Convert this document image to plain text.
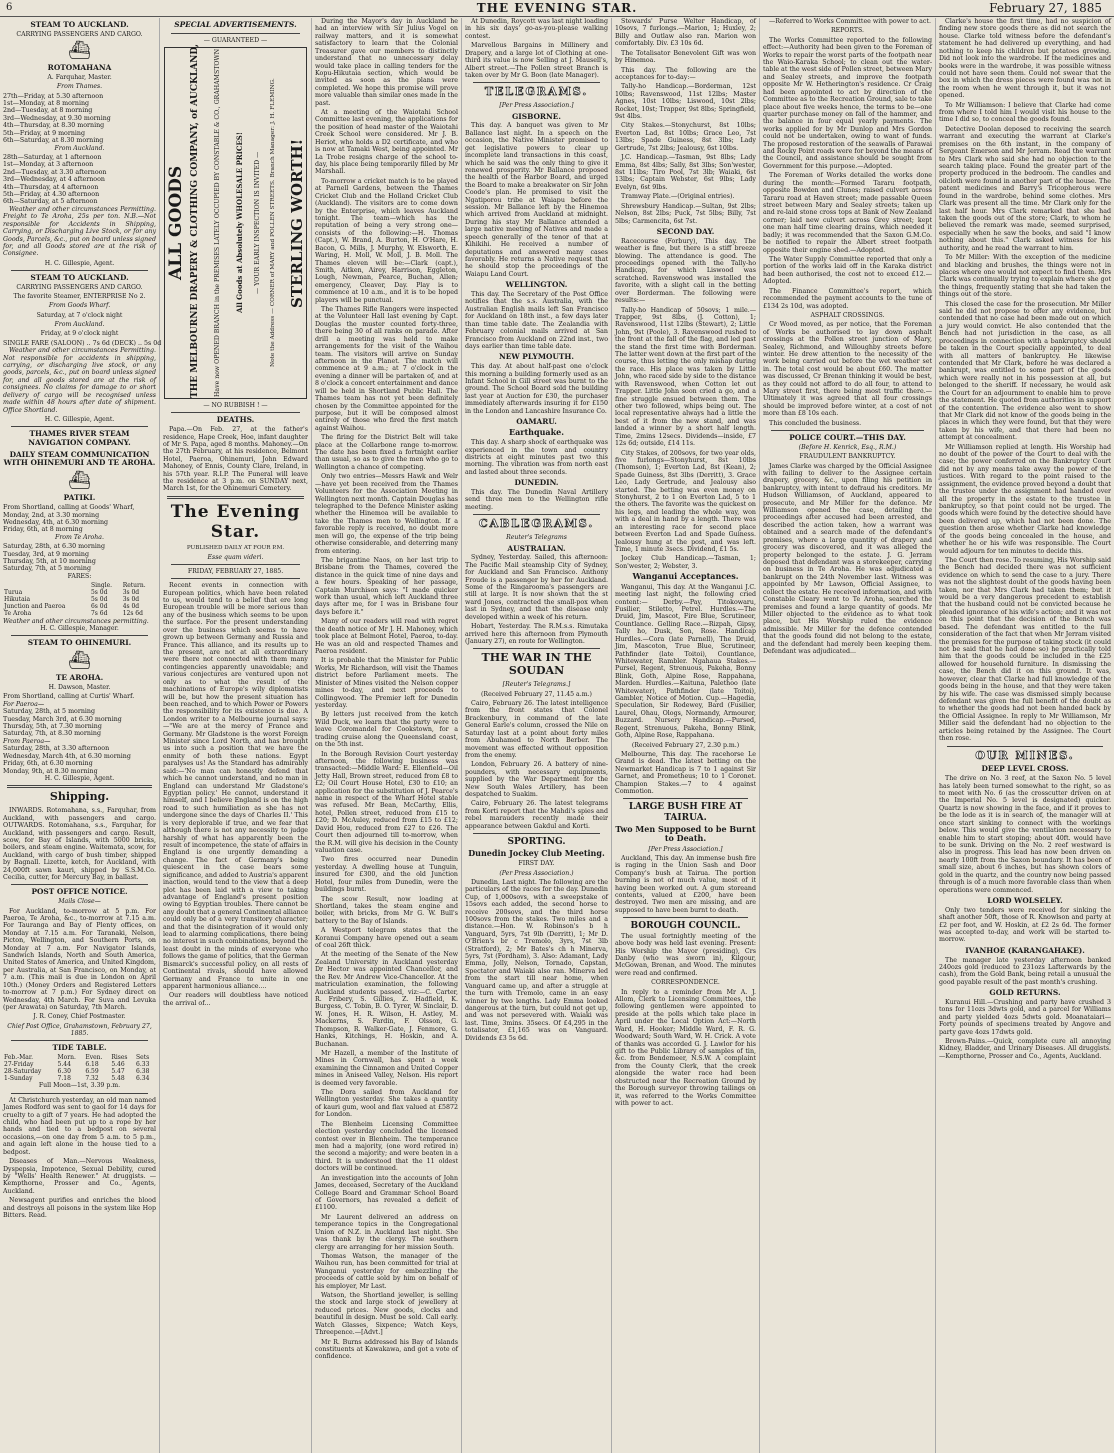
6	THE EVENING STAR.	February 27, 1885
STEAM TO AUCKLAND.
CARRYING PASSENGERS AND CARGO.
⛴
ROTOMAHANA
A. Farquhar, Master.
From Thames.
27th—Friday, at 5.30 afternoon
1st—Monday, at 8 morning
2nd—Tuesday, at 8 morning
3rd—Wednesday, at 9.30 morning
4th—Thursday, at 8.30 morning
5th—Friday, at 9 morning
6th—Saturday, at 8.30 morning
From Auckland.
28th—Saturday, at 1 afternoon
1st—Monday, at 3 afternoon
2nd—Tuesday, at 3.30 afternoon
3rd—Wednesday, at 4 afternoon
4th—Thursday, at 4 afternoon
5th—Friday, at 4.30 afternoon
6th—Saturday, at 5 afternoon

Weather and other circumstances Permitting. Freight to Te Aroha, 25s per ton. N.B.—Not responsible for Accidents in Shipping, Carrying, or Discharging Live Stock, or for any Goods, Parcels, &c., put on board unless signed for, and all Goods stored are at the risk of Consignee.

H. C. Gillespie, Agent.
STEAM TO AUCKLAND.
CARRYING PASSENGERS AND CARGO.
The favorite Steamer, ENTERPRISE No 2.
From Goods Wharf.
Saturday, at 7 o'clock night
From Auckland.
Friday, at 9 o'clock night
SINGLE FARE (SALOON) .. 7s 6d (DECK) .. 5s 0d

Weather and other circumstances Permitting. Not responsible for accidents in shipping, carrying, or discharging live stock, or any goods, parcels, &c., put on board unless signed for, and all goods stored are at the risk of consignees. No claims for damage to or short delivery of cargo will be recognised unless made within 48 hours after date of shipment. Office Shortland.

H. C. Gillespie, Agent.
THAMES RIVER STEAM NAVIGATION COMPANY.
DAILY STEAM COMMUNICATION WITH OHINEMURI AND TE AROHA.
⛴
PATIKI.
From Shortland, calling at Goods' Wharf,
Monday, 2nd, at 3.30 morning
Wednesday, 4th, at 6.30 morning
Friday, 6th, at 8 morning
From Te Aroha.
Saturday, 28th, at 6.30 morning
Tuesday, 3rd, at 9 morning
Thursday, 5th, at 10 morning
Saturday, 7th, at 5 morning
FARES:
	Single.	Return.
Turua	5s 0d	3s 0d
Hikutaia	5s 0d	3s 0d
Junction and Paeroa	6s 0d	4s 0d
Te Aroha	7s 6d	12s 6d
Weather and other circumstances permitting.
H. C. Gillespie, Manager.
STEAM TO OHINEMURI.
⛴
TE AROHA.
H. Dawson, Master.
From Shortland, calling at Curtis' Wharf.
For Paeroa—
Saturday, 28th, at 5 morning
Tuesday, March 3rd, at 6.30 morning
Thursday, 5th, at 7.30 morning
Saturday, 7th, at 8.30 morning
From Paeroa—
Saturday, 28th, at 3.30 afternoon
Wednesday, March 4th, at 6.30 morning
Friday, 6th, at 6.30 morning
Monday, 9th, at 8.30 morning
H. C. Gillespie, Agent.
Shipping.

INWARDS. Rotomahana, s.s., Farquhar, from Auckland, with passengers and cargo. OUTWARDS. Rotomahana, s.s., Farquhar, for Auckland, with passengers and cargo. Result, scow, for Bay of Islands, with 5000 bricks, boilers, and steam engine. Waitemata, scow, for Auckland, with cargo of bush timber, shipped by Bagnall. Lizette, ketch, for Auckland, with 24,000ft sawn kauri, shipped by S.S.M.Co. Cecilia, cutter, for Mercury Bay, in ballast.

POST OFFICE NOTICE.
Mails Close—

For Auckland, to-morrow at 5 p.m. For Paeroa, Te Aroha, &c., to-morrow at 7.15 a.m. For Tauranga and Bay of Plenty offices, on Monday at 7.15 a.m. For Taranaki, Nelson, Picton, Wellington, and Southern Ports, on Monday at 7 a.m. For Navigator Islands, Sandwich Islands, North and South America, United States of America, and United Kingdom, per Australia, at San Francisco, on Monday, at 7 a.m. (This mail is due in London on April 10th.) (Money Orders and Registered Letters to-morrow at 7 p.m.) For Sydney direct on Wednesday, 4th March. For Suva and Levuka (per Arawata) on Saturday, 7th March.

J. R. Coney, Chief Postmaster.
Chief Post Office, Grahamstown, February 27, 1885.
TIDE TABLE.
Feb.-Mar.	Morn.	Even.	Rises	Sets
27-Friday	5.44	6.18	5.46	6.33
28-Saturday	6.30	6.59	5.47	6.38
1-Sunday	7.18	7.32	5.48	6.34
Full Moon—1st, 3.39 p.m.

At Christchurch yesterday, an old man named James Rodford was sent to gaol for 14 days for cruelty to a gift of 7 years. He had adopted the child, who had been put up to a rope by her hands and tied to a bedpost on several occasions,—on one day from 5 a.m. to 5 p.m., and again left alone in the house tied to a bedpost.

Diseases of Man.—Nervous Weakness, Dyspepsia, Impotence, Sexual Debility, cured by "Wells' Health Renewer." At druggists. —Kempthorne, Prosser and Co., Agents, Auckland.

Newsagent purifies and enriches the blood and destroys all poisons in the system like Hop Bitters. Read.

SPECIAL ADVERTISEMENTS.
— GUARANTEED —
ALL GOODS THE MELBOURNE DRAPERY & CLOTHING COMPANY, of AUCKLAND,	Have now OPENED BRANCH in the PREMISES LATELY OCCUPIED BY CONSTABLE & CO., GRAHAMSTOWN	All Goods at Absolutely WHOLESALE PRICES!	— YOUR EARLY INSPECTION IS INVITED —	Note the Address — CORNER of MARY and POLLEN STREETS. Branch Manager: J. H. FLEMING. STERLING WORTH!
— NO RUBBISH ! —
DEATHS.

Papa.—On Feb. 27, at the father's residence, Hape Creek, Hoe, infant daughter of Mr S. Papa, aged 8 months. Mahoney.—On the 27th February, at his residence, Belmont Hotel, Paeroa, Ohinemuri, John Edward Mahoney, of Ennis, County Clare, Ireland, in his 57th year. R.I.P. The Funeral will leave the residence at 3 p.m. on SUNDAY next, March 1st, for the Ohinemuri Cemetery.

The Evening Star.
PUBLISHED DAILY AT FOUR P.M.
Esse quam videri.
FRIDAY, FEBRUARY 27, 1885.

Recent events in connection with European politics, which have been related to us, would tend to a belief that ere long European trouble will be more serious than any of the business which seems to be upon the surface. For the present understanding over the business which seems to have grown up between Germany and Russia and France. This alliance, and its results up to the present, are not at all extraordinary were there not connected with them many contingencies apparently unavoidable; and various conjectures are ventured upon not only as to what the result of the machinations of Europe's wily diplomatists will be, but how the present situation has been reached, and to which Power or Powers the responsibility for its existence is due. A London writer to a Melbourne journal says:—"We are at the mercy of France and Germany. Mr Gladstone is the worst Foreign Minister since Lord North, and has brought us into such a position that we have the enmity of both these nations. Egypt paralyses us! As the Standard has admirably said:—'No man can honestly defend that which he cannot understand, and no man in England can understand Mr Gladstone's Egyptian policy.' He cannot, understand it himself, and I believe England is on the high road to such humiliation as she has not undergone since the days of Charles II.' This is very deplorable if true, and we fear that although there is not any necessity to judge harshly of what has apparently been the result of incompetence, the state of affairs in England is one urgently demanding a change. The fact of Germany's being quiescent in the case bears some significance, and added to Austria's apparent inaction, would tend to the view that a deep plot has been laid with a view to taking advantage of England's present position owing to Egyptian troubles. There cannot be any doubt that a general Continental alliance could only be of a very transitory character; and that the disintegration of it would only lead to alarming complications, there being no interest in such combinations, beyond the least doubt in the minds of everyone who follows the game of politics, that the German Bismarck's successful policy, on all rests of Continental rivals, should have allowed Germany and France to unite in one apparent harmonious alliance....

Our readers will doubtless have noticed the arrival of...

During the Mayor's day in Auckland he had an interview with Sir Julius Vogel on railway matters, and it is somewhat satisfactory to learn that the Colonial Treasurer gave our members to distinctly understand that no unnecessary delay would take place in calling tenders for the Kopu-Hikutaia section, which would be invited as soon as the plans were completed. We hope this promise will prove more valuable than similar ones made in the past.

At a meeting of the Waiotahi School Committee last evening, the applications for the position of head master of the Waiotahi Creek School were considered. Mr J. B. Heriot, who holds a D2 certificate, and who is now at Tamaki West, being appointed. Mr La Trobe resigns charge of the school to-day, his place being temporarily filled by Mr Marshall.

To-morrow a cricket match is to be played at Parnell Gardens, between the Thames Cricket Club and the Holland Cricket Club (Auckland). The visitors are to come down by the Enterprise, which leaves Auckland tonight. The team—which has the reputation of being a very strong one—consists of the following:—H. Thomas (Capt.), W. Brand, A. Burton, H. O'Hare, H. Bacon, G. Mills, J. Murphy, W. Elsworth, E. Waring, H. Moll, W. Moll, J. B. Moll. The Thames eleven will be:—Clark (capt.), Smith, Aitken, Airey, Harrison, Eggleton, Lough, Newman, Pearce, Buchan, Allen; emergency, Cleaver, Day. Play is to commence at 10 a.m., and it is to be hoped players will be punctual.

The Thames Rifle Rangers were inspected at the Volunteer Hall last evening by Capt. Douglas the muster counted forty-three, there being 30 of all ranks on parade. After drill a meeting was held to make arrangements for the visit of the Waihou team. The visitors will arrive on Sunday afternoon in the Planet. The match will commence at 9 a.m.; at 7 o'clock in the evening a dinner will be partaken of, and at 8 o'clock a concert entertainment and dance will be held in Shortland Public Hall. The Thames team has not yet been definitely chosen by the Committee appointed for the purpose, but it will be composed almost entirely of those who fired the first match against Waihou.

The firing for the District Belt will take place at the Collarbone range to-morrow. The date has been fixed a fortnight earlier than usual, so as to give the men who go to Wellington a chance of competing.

Only two entries—Messrs Hawk and Welr—have yet been received from the Thames Volunteers for the Association Meeting in Wellington next month. Captain Douglas has telegraphed to the Defence Minister asking whether the Hinemoa will be available to take the Thames men to Wellington. If a favorable reply is received, no doubt more men will go, the expense of the trip being otherwise considerable, and deterring many from entering.

The brigantine Naos, on her last trip to Brisbane from the Thames, covered the distance in the quick time of nine days and a few hours. Speaking of her passage, Captain Murchison says: "I made quicker work than usual, which left Auckland three days after me, for I was in Brisbane four days before it."

Many of our readers will read with regret the death notice of Mr J. H. Mahoney, which took place at Belmont Hotel, Paeroa, to-day. He was an old and respected Thames and Paeroa resident.

It is probable that the Minister for Public Works, Mr Richardson, will visit the Thames district before Parliament meets. The Minister of Mines visited the Nelson copper mines to-day, and next proceeds to Collingwood. The Premier left for Dunedin yesterday.

By letters just received from the ketch Wild Duck, we learn that the party were to leave Coromandel for Cookstown, for a trading cruise along the Queensland coast, on the 5th inst.

In the Borough Revision Court yesterday afternoon, the following business was transacted:—Middle Ward: E. Ellenfield—Oil Jetty Hall, Brown street, reduced from £8 to £2; Oil Court House Hotel, £30 to £10; an application for the substitution of J. Pearce's name in respect of the Wharf Hotel stable was refused. Mr Bean, McCarthy, Ellis, hotel, Pollen street, reduced from £15 to £20; D. McAuley, reduced from £15 to £12; David Hou, reduced from £27 to £26. The Court then adjourned till to-morrow, when the R.M. will give his decision in the County valuation case.

Two fires occurred near Dunedin yesterday. A dwelling house at Tunguin, insured for £300, and the old Junction Hotel, four miles from Dunedin, were the buildings burnt.

The scow Result, now loading at Shortland, takes the steam engine and boiler, with bricks, from Mr G. W. Bull's battery to the Bay of Islands.

A Westport telegram states that the Koranui Company have opened out a seam of coal 26ft thick.

At the meeting of the Senate of the New Zealand University in Auckland yesterday Dr Hector was appointed Chancellor, and the Rev. Mr Andrew Vice-Chancellor. At the matriculation examination, the following Auckland students passed, viz:—C. Carter, R. Fribery, S. Gillies, Z. Hadfield, K. Burgess, C. Tobin, B. O. Tyrer, W. Sinclair, D. W. Jones, H. R. Wilson, H. Astley, M. Mackerns, S. Fardin, F. Olsson, G. Thompson, R. Walker-Gate, J. Fenmore, G. Hanks, Kitchings, H. Hoskin, and A. Buchanan.

Mr Hazell, a member of the Institute of Mines in Cornwall, has spent a week examining the Cinnamon and United Copper mines in Aniseed Valley, Nelson. His report is deemed very favorable.

The Dora sailed from Auckland for Wellington yesterday. She takes a quantity of kauri gum, wool and flax valued at £5872 for London.

The Blenheim Licensing Committee election yesterday concluded the licensed contest over in Blenheim. The temperance men had a majority, (one word retired in) the second a majority; and were beaten in a third. It is understood that the 11 oldest doctors will be continued.

An investigation into the accounts of John James, deceased, Secretary of the Auckland College Board and Grammar School Board of Governors, has revealed a deficit of £1100.

Mr Laurent delivered an address on temperance topics in the Congregational Union of N.Z. in Auckland last night. She was thank by the clergy. The southern clergy are arranging for her mission South.

Thomas Watson, the manager of the Waihou run, has been committed for trial at Wanganui yesterday for embezzling the proceeds of cattle sold by him on behalf of his employer, Mr Last.

Watson, the Shortland jeweller, is selling the stock and large stock of jewellery at reduced prices. New goods, clocks and beautiful in design. Must be sold. Call early. Watch Glasses, Sixpence; Watch Keys, Threepence.—[Advt.]

Mr R. Burns addressed his Bay of Islands constituents at Kawakawa, and got a vote of confidence.

At Dunedin, Roycott was last night loading in his six days' go-as-you-please walking contest.

Marvellous Bargains in Millinery and Drapery, and a large lot of Clothing at one-third its value is now Selling at J. Mausell's, Albert street.—The Pollen street Branch is taken over by Mr G. Boon (late Manager).

TELEGRAMS.
[Per Press Association.]
GISBORNE.

This day. A banquet was given to Mr Ballance last night. In a speech on the occasion, the Native Minister promised to get legislative powers to clear up incomplete land transactions in this coast, which he said was the only thing to give it renewed prosperity. Mr Ballance proposed the health of the Harbor Board, and urged the Board to make a breakwater on Sir John Coode's plan. He promised to visit the Ngatiporou tribe at Waiapu before the session. Mr Ballance left by the Hinemoa which arrived from Auckland at midnight. During his stay Mr Ballance attended a large native meeting of Natives and made a speech generally of the tenor of that at Kihikihi. He received a number of deputations and answered many cases favorably. He returns a Native request that he should stop the proceedings of the Waiapu Land Court.

WELLINGTON.

This day. The Secretary of the Post Office notifies that the s.s. Australia, with the Australian English mails left San Francisco for Auckland on 18th inst., a few days later than time table date. The Zealandia with February colonial mails arrived at San Francisco from Auckland on 22nd inst., two days earlier than time table date.

NEW PLYMOUTH.

This day. At about half-past one o'clock this morning a building formerly used as an Infant School in Gill street was burnt to the ground. The School Board sold the building last year at Auction for £30, the purchaser immediately afterwards insuring it for £150 in the London and Lancashire Insurance Co.

OAMARU.
Earthquake.

This day. A sharp shock of earthquake was experienced in the town and country districts at eight minutes past two this morning. The vibration was from north east and lasted about three seconds.

DUNEDIN.

This day. The Dunedin Naval Artillery send three men to the Wellington rifle meeting.

CABLEGRAMS.
Reuter's Telegrams
AUSTRALIAN.

Sydney, Yesterday. Sailed, this afternoon: The Pacific Mail steamship City of Sydney, for Auckland and San Francisco. Anthony Froude is a passenger by her for Auckland. Some of the Ringarooma's passengers are still at large. It is now shown that the st ward Jones, contracted the small-pox when last in Sydney, and that the disease only developed within a week of his return.

Hobart, Yesterday. The R.M.s.s. Rimutaka arrived here this afternoon from Plymouth (January 27), en route for Wellington.

THE WAR IN THE SOUDAN
[Reuter's Telegrams.]
(Received February 27, 11.45 a.m.)

Cairo, February 26. The latest intelligence from the front states that Colonel Brackenbury, in command of the late General Earle's column, crossed the Nile on Saturday last at a point about forty miles from Abuhamed to North Berber. The movement was effected without opposition from the enemy.

London, February 26. A battery of nine-pounders, with necessary equipments, supplied by the War Department for the New South Wales Artillery, has been despatched to Suakim.

Cairo, February 26. The latest telegrams from Korti report that the Mahdi's spies and rebel marauders recently made their appearance between Gakdul and Korti.

SPORTING.
Dunedin Jockey Club Meeting.
FIRST DAY.
(Per Press Association.)

Dunedin, Last night. The following are the particulars of the races for the day. Dunedin Cup, of 1,000sovs, with a sweepstake of 15sovs each added, the second horse to receive 200sovs, and the third horse 100sovs from the stakes. Two miles and a distance.—Hon. W. Robinson's b h Vanguard, 5yrs, 7st 9lb (Derritt), 1; Mr D. O'Brien's br c Tremolo, 3yrs, 7st 3lb (Stratford), 2; Mr Bates's ch h Minerva, 5yrs, 7st (Fordham), 3. Also: Adamant, Lady Emma, Jolly, Nelson, Tornado, Capstan, Spectator and Waiaki also ran. Minerva led from the start till near home, when Vanguard came up, and after a struggle at the turn with Tremolo, came in an easy winner by two lengths. Lady Emma looked dangerous at the turn, but could not get up, and was not persevered with. Waiaki was last. Time, 3mins. 35secs. Of £4,295 in the totalisator, £1,165 was on Vanguard. Dividends £3 5s 6d.

Stewards' Purse Welter Handicap, of 10sovs, 7 furlongs.—Marion, 1; Huxley, 2; Billy and Outlaw also ran. Marion won comfortably. Div. £3 10s 6d.

The Totalisator Benevolent Gift was won by Hinemoa.

This day. The following are the acceptances for to-day:—

Tally-ho Handicap.—Borderman, 12st 10lbs; Ravenswood, 11st 12lbs; Master Agnes, 10st 10lbs; Liswood, 10st 2lbs; Rocket, 10st; Trapper, 9st 8lbs; Springfield, 9st 4lbs.

City Stakes.—Stonychurst, 8st 10lbs; Everton Lad, 8st 10lbs; Grace Leo, 7st 13lbs; Spade Guiness, 8st 3lbs; Lady Gertrude, 7st 2lbs; Jealousy, 6st 10lbs.

J.C. Handicap.—Tasman, 9st 8lbs; Lady Emma, 8st 4lbs; Sally, 8st 3lbs; Son'wester, 8st 11lbs; Tiro Pool, 7st 3lb; Waiaki, 6st 13lbs; Captain Webster, 6st 9lbs; Lady Evelyn, 6st 9lbs.

Tramway Plate.—(Original entries).

Shrewsbury Handicap.—Sultan, 9st 2lbs; Nelson, 8st 2lbs; Puck, 7st 5lbs; Billy, 7st 5lbs; Carmencita, 6st 7st.

SECOND DAY.

Racecourse (Forbury), This day. The weather is fine, but there is a stiff breeze blowing. The attendance is good. The proceedings opened with the Tally-ho Handicap, for which Liswood was scratched. Ravenswood was installed the favorite, with a slight call in the betting over Borderman. The following were results:—

Tally-ho Handicap of 50sovs; 1 mile.—Trapper, 9st 8lbs, (J. Cotton), 1; Ravenswood, 11st 12lbs (Stewart), 2; Little John, 9st (Poole), 3. Ravenswood rushed to the front at the fall of the flag, and led past the stand the first time with Borderman. The latter went down at the first part of the course, thus letting the only mishap during the race. His place was taken by Little John, who raced side by side to the distance with Ravenswood, when Cotton let out Trapper. Little John soon cried a go, and a fine struggle ensued between them. The other two followed, whips being out. The local representative always had a little the best of it from the new stand, and was landed a winner by a short half length. Time, 2mins 12secs. Dividends—inside, £7 12s 6d; outside, £14 11s.

City Stakes, of 200sovs, for two year olds, five furlongs—Stonyhurst, 8st 10lbs (Thomson), 1; Everton Lad, 8st (Kean), 2; Spade Guiness, 8st 3lbs (Derritt), 3. Grace Leo, Lady Gertrude, and Jealousy also started. The betting was even money on Stonyhurst, 2 to 1 on Everton Lad, 5 to 1 the others. The favorite was the quickest on his legs, and leading the whole way, won with a deal in hand by a length. There was an interesting race for second place between Everton Lad and Spade Guiness. Jealousy hung at the post, and was left. Time, 1 minute 3secs. Dividend, £1 5s.

Jockey Club Handicap.—Tasman, 1; Son'wester, 2; Webster, 3.

Wanganui Acceptances.

Wanganui, This day. At the Wanganui J.C. meeting last night, the following cried content:— Derby.—Pay, Titokowaru, Fusilier, Stiletto, Petrel. Hurdles.—The Druid, Jim, Mascot, Fire Blue, Scrutineer, Countlance. Gelling Race.—Rizpah, Gipsy, Tally ho, Dusk, Son, Rose. Handicap Hurdles.—Cora (late Parnell), The Druid, Jim, Mascoton, True Blue, Scrutineer, Pathfinder (late Toitoi), Countlance, Whitewater, Rambler. Ngahaua Stakes.—Pursel, Regent, Strenuous, Pakeha, Bonny Blink, Goth, Alpine Rose, Rappahana, Marden. Hurdles.—Kaituna, Palethoo (late Whitewater), Pathfinder (late Toitoi), Gambler, Notice of Motion. Cup.—Hagedia, Speculation, Sir Rodewey, Bard (Fusilier, Laurel, Ohau, Ologs, Normandy, Armourer, Buzzard. Nursery Handicap.—Pursed, Regent, Strenuous, Pakeha, Bonny Blink, Goth, Alpine Rose, Rappahana.

(Received February 27, 2.30 p.m.)

Melbourne, This day. The racehorse Le Grand is dead. The latest betting on the Newmarket Handicap is 7 to 1 against Sir Garnet, and Prometheus; 10 to 1 Coronet. Champion Stakes.—7 to 4 against Commotion.

LARGE BUSH FIRE AT TAIRUA.
Two Men Supposed to be Burnt to Death.
[Per Press Association.]

Auckland, This day. An immense bush fire is raging in the Union Sash and Door Company's bush at Tairua. The portion burning is not of much value, most of it having been worked out. A gum storeand contents, valued at £200, have been destroyed. Two men are missing, and are supposed to have been burnt to death.

BOROUGH COUNCIL.

The usual fortnightly meeting of the above body was held last evening. Present: His Worship the Mayor (presiding), Crs Danby (who was sworn in), Kilgour, McGowan, Brenan, and Wood. The minutes were read and confirmed.

CORRESPONDENCE.

In reply to a reminder from Mr A. J. Allom, Clerk to Licensing Committees, the following gentlemen were appointed to preside at the polls which take place in April under the Local Option Act:—North Ward, H. Hooker; Middle Ward, F. R. G. Woodward; South Ward, W. H. Crick. A vote of thanks was accorded G. J. Lawlor for his gift to the Public Library of samples of tin, &c. from Bendemeer, N.S.W. A complaint from the County Clerk, that the creek alongside the water race had been obstructed near the Recreation Ground by the Borough surveyor throwing tailings on it, was referred to the Works Committee with power to act.

—Referred to Works Committee with power to act.

REPORTS.

The Works Committee reported to the following effect:—Authority had been given to the Foreman of Works to repair the worst parts of the footpath near the Waio-Karaka School; to clean out the water-table at the west side of Pollen street, between Mary and Sealey streets, and improve the footpath opposite Mr W. Hetherington's residence. Cr Craig had been appointed to act by direction of the Committee as to the Recreation Ground, sale to take place about five weeks hence, the terms to be—one quarter purchase money on fall of the hammer, and the balance in four equal yearly payments. The works applied for by Mr Dunlop and Mrs Gordon could not be undertaken, owing to want of funds. The proposed restoration of the seawalls of Parawai and Rocky Point roads were for beyond the means of the Council, and assistance should be sought from Government for this purpose.—Adopted.

The Foreman of Works detailed the works done during the month:—Formed Tararu footpath, opposite Bowden and Clunes; raised culvert across Tararu road at Haven street; made passable Queen street between Mary and Sealey streets; taken up and re-laid stone cross tops at Bank of New Zealand corner; laid new culvert across Grey street; kept one man half time clearing drains, which needed it badly; it was recommended that the Saxon G.M.Co. be notified to repair the Albert street footpath opposite their engine shed.—Adopted.

The Water Supply Committee reported that only a portion of the works laid off in the Karaka district had been authorised, the cost not to exceed £12.—Adopted.

The Finance Committee's report, which recommended the payment accounts to the tune of £134 2s 10d, was adopted.

ASPHALT CROSSINGS.

Cr Wood moved, as per notice, that the Foreman of Works be authorised to lay down asphalt crossings at the Pollen street junction of Mary, Sealey, Richmond, and Willoughby streets before winter. He drew attention to the necessity of the work being carried out before the wet weather set in. The total cost would be about £60. The matter was discussed, Cr Brenan thinking it would be best, as they could not afford to do all four, to attend to Mary street first, there being most traffic there.—Ultimately it was agreed that all four crossings should be improved before winter, at a cost of not more than £8 10s each.

This concluded the business.

POLICE COURT.—THIS DAY.
(Before H. Kenrick, Esq., R.M.)
FRAUDULENT BANKRUPTCY.

James Clarke was charged by the Official Assignee with failing to deliver to the Assignee certain drapery, grocery, &c., upon filing his petition in bankruptcy, with intent to defraud his creditors. Mr Hudson Williamson, of Auckland, appeared to prosecute, and Mr Miller for the defence. Mr Williamson opened the case, detailing the proceedings after accused had been arrested, and described the action taken, how a warrant was obtained and a search made of the defendant's premises, where a large quantity of drapery and grocery was discovered, and it was alleged the property belonged to the estate. J. G. Jerram deposed that defendant was a storekeeper, carrying on business in Te Aroha. He was adjudicated a bankrupt on the 24th November last. Witness was appointed by Mr Lawson, Official Assignee, to collect the estate. He received information, and with Constable Cleary went to Te Aroha, searched the premises and found a large quantity of goods. Mr Miller objected to the evidence as to what took place, but His Worship ruled the evidence admissible. Mr Miller for the defence contended that the goods found did not belong to the estate, and the defendant had merely been keeping them. Defendant was adjudicated...

Clarke's house the first time, had no suspicion of finding new store goods there as did not search the house. Clarke told witness before the defendant's statement he had delivered up everything, and had nothing to keep his children but potatoes growing. Did not look into the wardrobe. If the medicines and books were in the wardrobe, it was possible witness could not have seen them. Could not swear that the box in which the dress pieces were found was not in the room when he went through it, but it was not opened.

To Mr Williamson: I believe that Clarke had come from where I told him I would visit his house to the time I did so, to conceal the goods found.

Detective Doolan deposed to receiving the search warrant and executing the warrant at Clarke's premises on the 6th instant, in the company of Sergeant Emerson and Mr Jerram. Read the warrant to Mrs Clark who said she had no objection to the search taking place. Found the greater part of the property produced in the bedroom. The candles and oilcloth were found in another part of the house. The patent medicines and Barry's Tricopherous were found in the wardrobe, behind some clothes. Mrs Clark was present all the time. Mr Clark only for the last half hour. Mrs Clark remarked that she had taken the goods out of the store; Clark, to whom he believed the remark was made, seemed surprised, especially when he saw the books, and said "I know nothing about this." Clark asked witness for his authority, and he read the warrant to him.

To Mr Miller: With the exception of the medicine and blacking and brushes, the things were not in places where one would not expect to find them. Mrs Clark was continually trying to explain where she got the things, frequently stating that she had taken the things out of the store.

This closed the case for the prosecution. Mr Miller said he did not propose to offer any evidence, but contended that no case had been made out on which a jury would convict. He also contended that the Bench had not jurisdiction in the case, as all proceedings in connection with a bankruptcy should be taken in the Court specially appointed, to deal with all matters of bankruptcy. He likewise contended that Mr Clark, before he was declared a bankrupt, was entitled to some part of the goods which were really not in his possession at all, but belonged to the sheriff. If necessary, he would ask the Court for an adjournment to enable him to prove the statement. He quoted from authorities in support of the contention. The evidence also went to show that Mr Clark did not know of the goods being in the places in which they were found, but that they were taken by his wife, and that there had been no attempt at concealment.

Mr Williamson replied at length. His Worship had no doubt of the power of the Court to deal with the case; the power conferred on the Bankruptcy Court did not by any means take away the power of the justices. With regard to the point raised to the assignment, the evidence proved beyond a doubt that the trustee under the assignment had handed over all the property in the estate to the trustee in bankruptcy, so that point could not be urged. The goods which were found by the detective should have been delivered up, which had not been done. The question then arose whether Clarke had knowledge of the goods being concealed in the house, and whether he or his wife was responsible. The Court would adjourn for ten minutes to decide this.

The Court then rose. To resuming, His Worship said the Bench had decided there was not sufficient evidence on which to send the case to a jury. There was not the slightest doubt of the goods having been taken, nor that Mrs Clark had taken them; but it would be a very dangerous precedent to establish that the husband could not be convicted because he pleaded ignorance of his wife's action; and it was not on this point that the decision of the Bench was based. The defendant was entitled to the full consideration of the fact that when Mr Jerram visited the premises for the purpose of taking stock (it could not be said that he had done so) he practically told him that the goods could be included in the £25 allowed for household furniture. In dismissing the case, the Bench did it on this ground. It was, however, clear that Clarke had full knowledge of the goods being in the house, and that they were taken by his wife. The case was dismissed simply because defendant was given the full benefit of the doubt as to whether the goods had not been handed back by the Official Assignee. In reply to Mr Williamson, Mr Miller said the defendant had no objection to the articles being retained by the Assignee. The Court then rose.

OUR MINES.
DEEP LEVEL CROSS.

The drive on No. 3 reef, at the Saxon No. 5 level has lately been turned somewhat to the right, so as to meet with No. 6 (as the crosscutter driven on at the Imperial No. 5 level is designated) quicker. Quartz is now showing in the face, and if it proves to be the lode as it is in search of, the manager will at once start sinking to connect with the workings below. This would give the ventilation necessary to enable him to start stoping; about 40ft. would have to be sunk. Driving on the No. 2 reef westward is also in progress. This lead has now been driven on nearly 100ft from the Saxon boundary. It has been of small size, about 6 inches, but has shown colors of gold in the quartz, and the country now being passed through is of a much more favorable class than when operations were commenced.

LORD WOLSELEY.

Only two tenders were received for sinking the shaft another 50ft, those of R. Knowlson and party at £2 per foot, and W. Hoskin, at £2 2s 6d. The former was accepted to-day, and work will be started to-morrow.

IVANHOE (KARANGAHAKE).

The manager late yesterday afternoon banked 240ozs gold (reduced to 231ozs Lafterwards by the cash), from the Gold Bank, being retail a unusual the good payable result of the past month's crushing.

GOLD RETURNS.

Kuranui Hill.—Crushing and party have crushed 3 tons for 11ozs 3dwts gold, and a parcel for Williams and party yielded 4ozs 5dwts gold. Moanataiari—Forty pounds of specimens treated by Angove and party gave 4ozs 17dwts gold.

Brown-Pains.—Quick, complete cure all annoying Kidney, Bladder, and Urinary Diseases. All druggists.—Kempthorne, Prosser and Co., Agents, Auckland.
